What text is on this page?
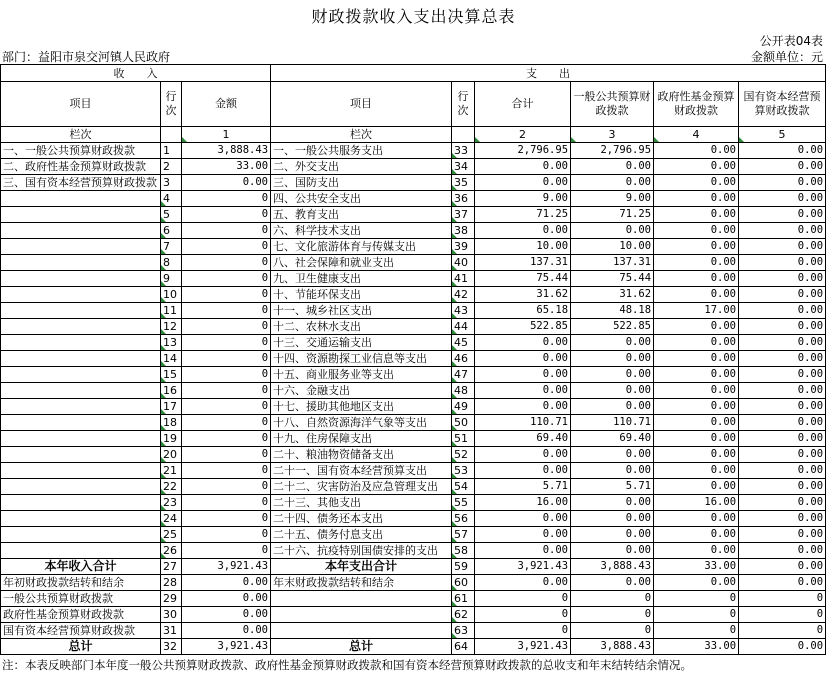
财政拨款收入支出决算总表
公开表04表
部门：益阳市泉交河镇人民政府	金额单位：元
收　　入			支　　出					
项目	行次	金额	项目	行次	合计	一般公共预算财政拨款	政府性基金预算财政拨款	国有资本经营预算财政拨款
栏次		1	栏次		2	3	4	5
一、一般公共预算财政拨款	1	3,888.43	一、一般公共服务支出	33	2,796.95	2,796.95	0.00	0.00
二、政府性基金预算财政拨款	2	33.00	二、外交支出	34	0.00	0.00	0.00	0.00
三、国有资本经营预算财政拨款	3	0.00	三、国防支出	35	0.00	0.00	0.00	0.00
	4	0	四、公共安全支出	36	9.00	9.00	0.00	0.00
	5	0	五、教育支出	37	71.25	71.25	0.00	0.00
	6	0	六、科学技术支出	38	0.00	0.00	0.00	0.00
	7	0	七、文化旅游体育与传媒支出	39	10.00	10.00	0.00	0.00
	8	0	八、社会保障和就业支出	40	137.31	137.31	0.00	0.00
	9	0	九、卫生健康支出	41	75.44	75.44	0.00	0.00
	10	0	十、节能环保支出	42	31.62	31.62	0.00	0.00
	11	0	十一、城乡社区支出	43	65.18	48.18	17.00	0.00
	12	0	十二、农林水支出	44	522.85	522.85	0.00	0.00
	13	0	十三、交通运输支出	45	0.00	0.00	0.00	0.00
	14	0	十四、资源勘探工业信息等支出	46	0.00	0.00	0.00	0.00
	15	0	十五、商业服务业等支出	47	0.00	0.00	0.00	0.00
	16	0	十六、金融支出	48	0.00	0.00	0.00	0.00
	17	0	十七、援助其他地区支出	49	0.00	0.00	0.00	0.00
	18	0	十八、自然资源海洋气象等支出	50	110.71	110.71	0.00	0.00
	19	0	十九、住房保障支出	51	69.40	69.40	0.00	0.00
	20	0	二十、粮油物资储备支出	52	0.00	0.00	0.00	0.00
	21	0	二十一、国有资本经营预算支出	53	0.00	0.00	0.00	0.00
	22	0	二十二、灾害防治及应急管理支出	54	5.71	5.71	0.00	0.00
	23	0	二十三、其他支出	55	16.00	0.00	16.00	0.00
	24	0	二十四、债务还本支出	56	0.00	0.00	0.00	0.00
	25	0	二十五、债务付息支出	57	0.00	0.00	0.00	0.00
	26	0	二十六、抗疫特别国债安排的支出	58	0.00	0.00	0.00	0.00
本年收入合计	27	3,921.43	本年支出合计	59	3,921.43	3,888.43	33.00	0.00
年初财政拨款结转和结余	28	0.00	年末财政拨款结转和结余	60	0.00	0.00	0.00	0.00
一般公共预算财政拨款	29	0.00		61	0	0	0	0
政府性基金预算财政拨款	30	0.00		62	0	0	0	0
国有资本经营预算财政拨款	31	0.00		63	0	0	0	0
总计	32	3,921.43	总计	64	3,921.43	3,888.43	33.00	0.00
注：本表反映部门本年度一般公共预算财政拨款、政府性基金预算财政拨款和国有资本经营预算财政拨款的总收支和年末结转结余情况。
